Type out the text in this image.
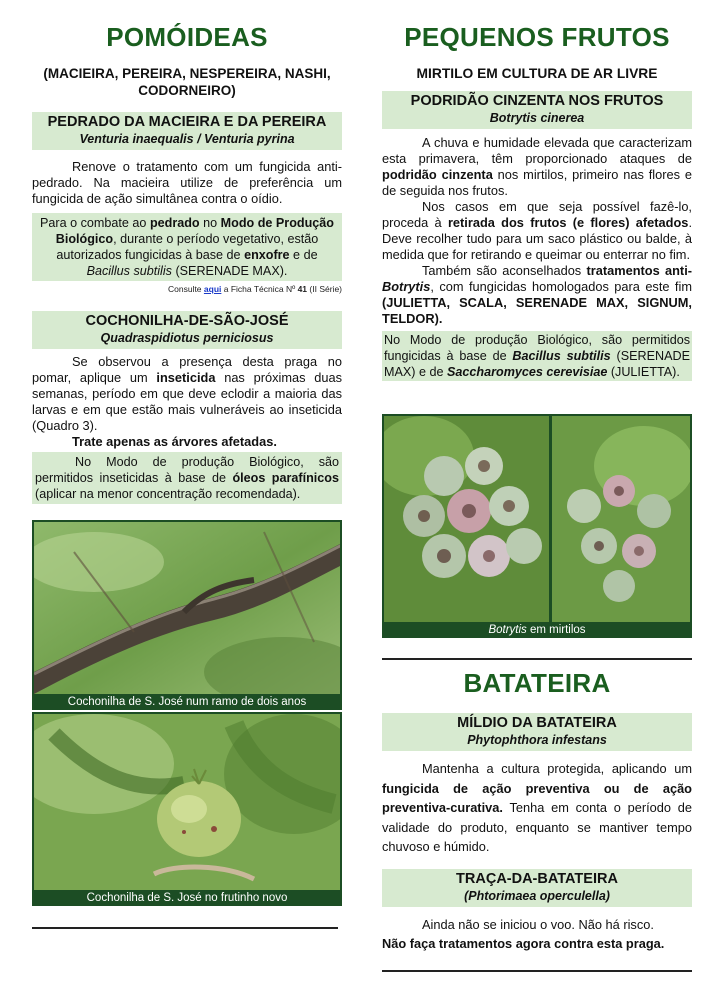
POMÓIDEAS

(MACIEIRA, PEREIRA, NESPEREIRA, NASHI, CODORNEIRO)

PEDRADO DA MACIEIRA E DA PEREIRA
Venturia inaequalis / Venturia pyrina

Renove o tratamento com um fungicida anti-pedrado. Na macieira utilize de preferência um fungicida de ação simultânea contra o oídio.

Para o combate ao pedrado no Modo de Produção Biológico, durante o período vegetativo, estão autorizados fungicidas à base de enxofre e de Bacillus subtilis (SERENADE MAX).
Consulte aqui a Ficha Técnica Nº 41 (II Série)
COCHONILHA-DE-SÃO-JOSÉ
Quadraspidiotus perniciosus

Se observou a presença desta praga no pomar, aplique um inseticida nas próximas duas semanas, período em que deve eclodir a maioria das larvas e em que estão mais vulneráveis ao inseticida (Quadro 3).

Trate apenas as árvores afetadas.

No Modo de produção Biológico, são permitidos inseticidas à base de óleos parafínicos (aplicar na menor concentração recomendada).
Cochonilha de S. José num ramo de dois anos
Cochonilha de S. José no frutinho novo
PEQUENOS FRUTOS

MIRTILO EM CULTURA DE AR LIVRE

PODRIDÃO CINZENTA NOS FRUTOS
Botrytis cinerea

A chuva e humidade elevada que caracterizam esta primavera, têm proporcionado ataques de podridão cinzenta nos mirtilos, primeiro nas flores e de seguida nos frutos.

Nos casos em que seja possível fazê-lo, proceda à retirada dos frutos (e flores) afetados. Deve recolher tudo para um saco plástico ou balde, à medida que for retirando e queimar ou enterrar no fim.

Também são aconselhados tratamentos anti-Botrytis, com fungicidas homologados para este fim (JULIETTA, SCALA, SERENADE MAX, SIGNUM, TELDOR).

No Modo de produção Biológico, são permitidos fungicidas à base de Bacillus subtilis (SERENADE MAX) e de Saccharomyces cerevisiae (JULIETTA).
Botrytis em mirtilos
BATATEIRA
MÍLDIO DA BATATEIRA
Phytophthora infestans

Mantenha a cultura protegida, aplicando um fungicida de ação preventiva ou de ação preventiva-curativa. Tenha em conta o período de validade do produto, enquanto se mantiver tempo chuvoso e húmido.

TRAÇA-DA-BATATEIRA
(Phtorimaea operculella)

Ainda não se iniciou o voo. Não há risco.

Não faça tratamentos agora contra esta praga.
